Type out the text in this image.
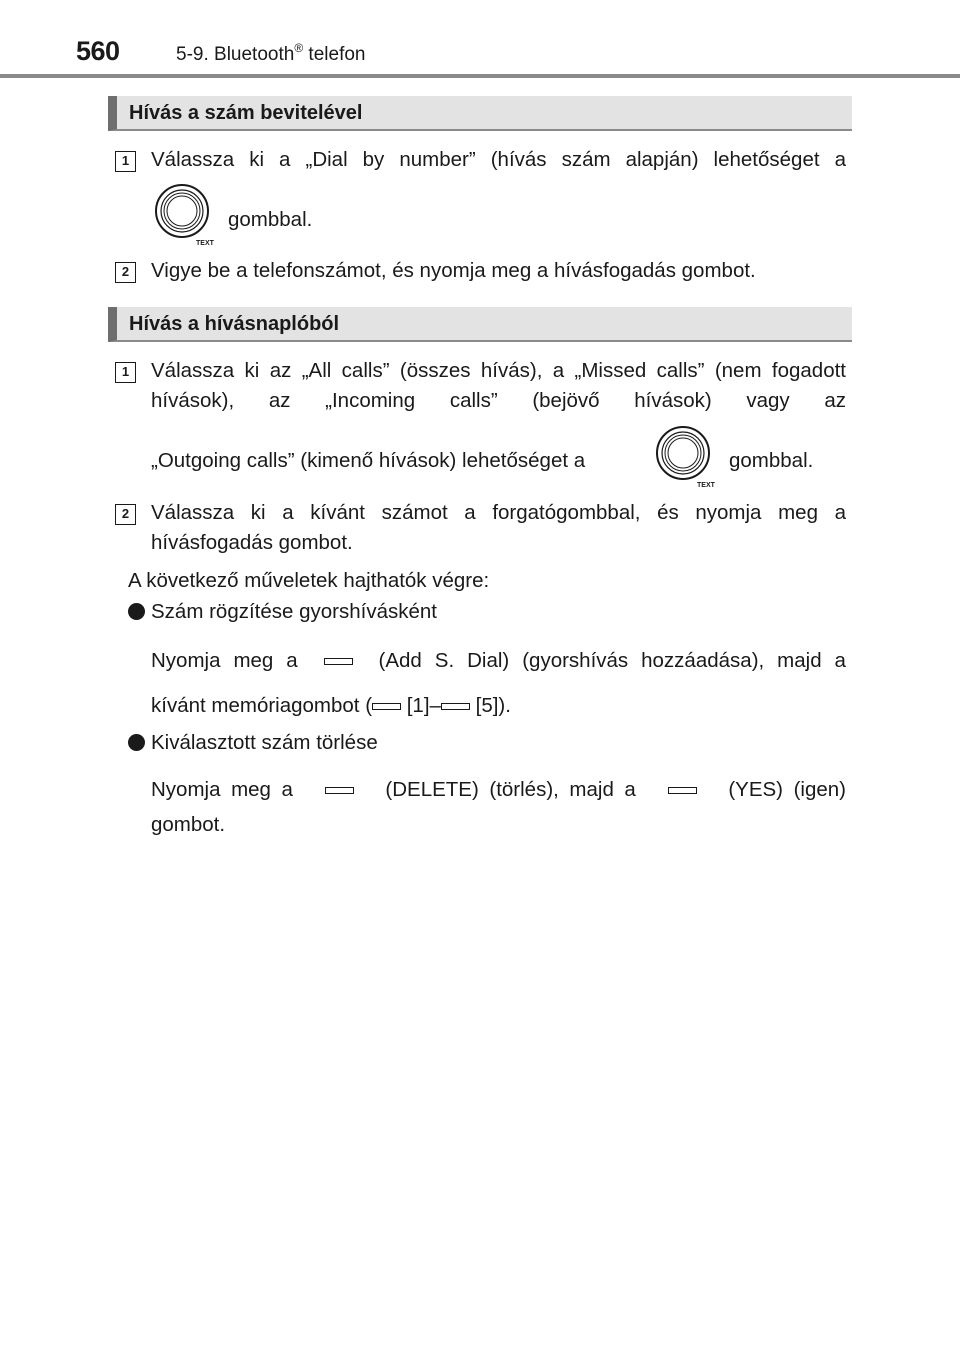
560	5-9. Bluetooth® telefon
Hívás a szám bevitelével
1	Válassza ki a „Dial by number” (hívás szám alapján) lehetőséget a
TEXT
gombbal.
2	Vigye be a telefonszámot, és nyomja meg a hívásfogadás gombot.
Hívás a hívásnaplóból
1	Válassza ki az „All calls” (összes hívás), a „Missed calls” (nem fogadott hívások), az „Incoming calls” (bejövő hívások) vagy az
„Outgoing calls” (kimenő hívások) lehetőséget a
TEXT
gombbal.
2	Válassza ki a kívánt számot a forgatógombbal, és nyomja meg a hívásfogadás gombot.
A következő műveletek hajthatók végre:
Szám rögzítése gyorshívásként
Nyomja meg a	(Add S. Dial) (gyorshívás hozzáadása), majd a
kívánt memóriagombot ( [1]– [5]).
Kiválasztott szám törlése
Nyomja meg a	(DELETE) (törlés), majd a	(YES) (igen)
gombot.
